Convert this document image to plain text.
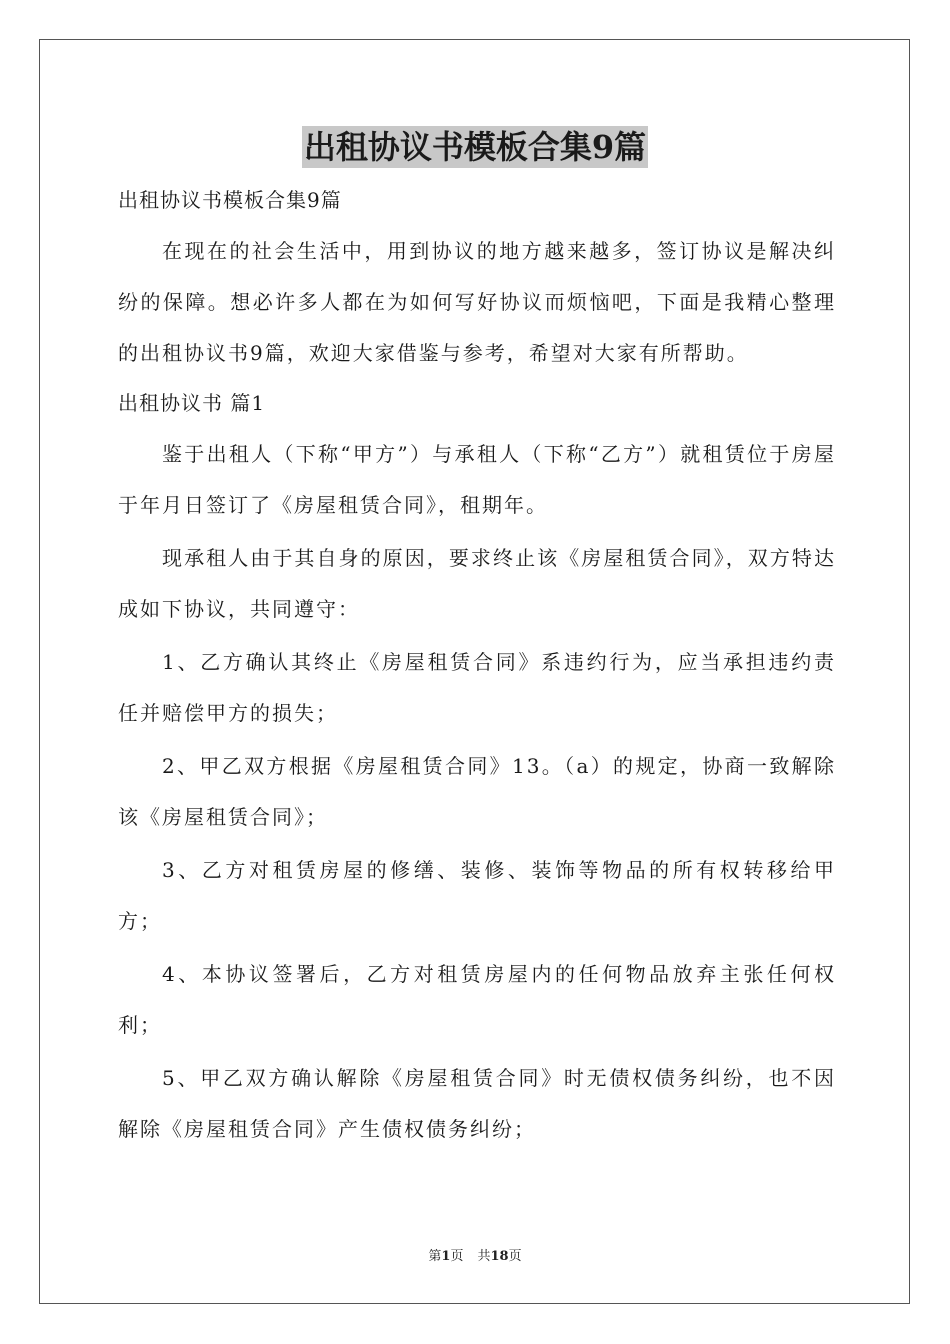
出租协议书模板合集9篇

出租协议书模板合集9篇

在现在的社会生活中，用到协议的地方越来越多，签订协议是解决纠纷的保障。想必许多人都在为如何写好协议而烦恼吧，下面是我精心整理的出租协议书9篇，欢迎大家借鉴与参考，希望对大家有所帮助。

出租协议书 篇1

鉴于出租人（下称“甲方”）与承租人（下称“乙方”）就租赁位于房屋于年月日签订了《房屋租赁合同》，租期年。

现承租人由于其自身的原因，要求终止该《房屋租赁合同》，双方特达成如下协议，共同遵守：

1、乙方确认其终止《房屋租赁合同》系违约行为，应当承担违约责任并赔偿甲方的损失；

2、甲乙双方根据《房屋租赁合同》13。（a）的规定，协商一致解除该《房屋租赁合同》；

3、乙方对租赁房屋的修缮、装修、装饰等物品的所有权转移给甲方；

4、本协议签署后，乙方对租赁房屋内的任何物品放弃主张任何权利；

5、甲乙双方确认解除《房屋租赁合同》时无债权债务纠纷，也不因解除《房屋租赁合同》产生债权债务纠纷；

第1页 共18页
